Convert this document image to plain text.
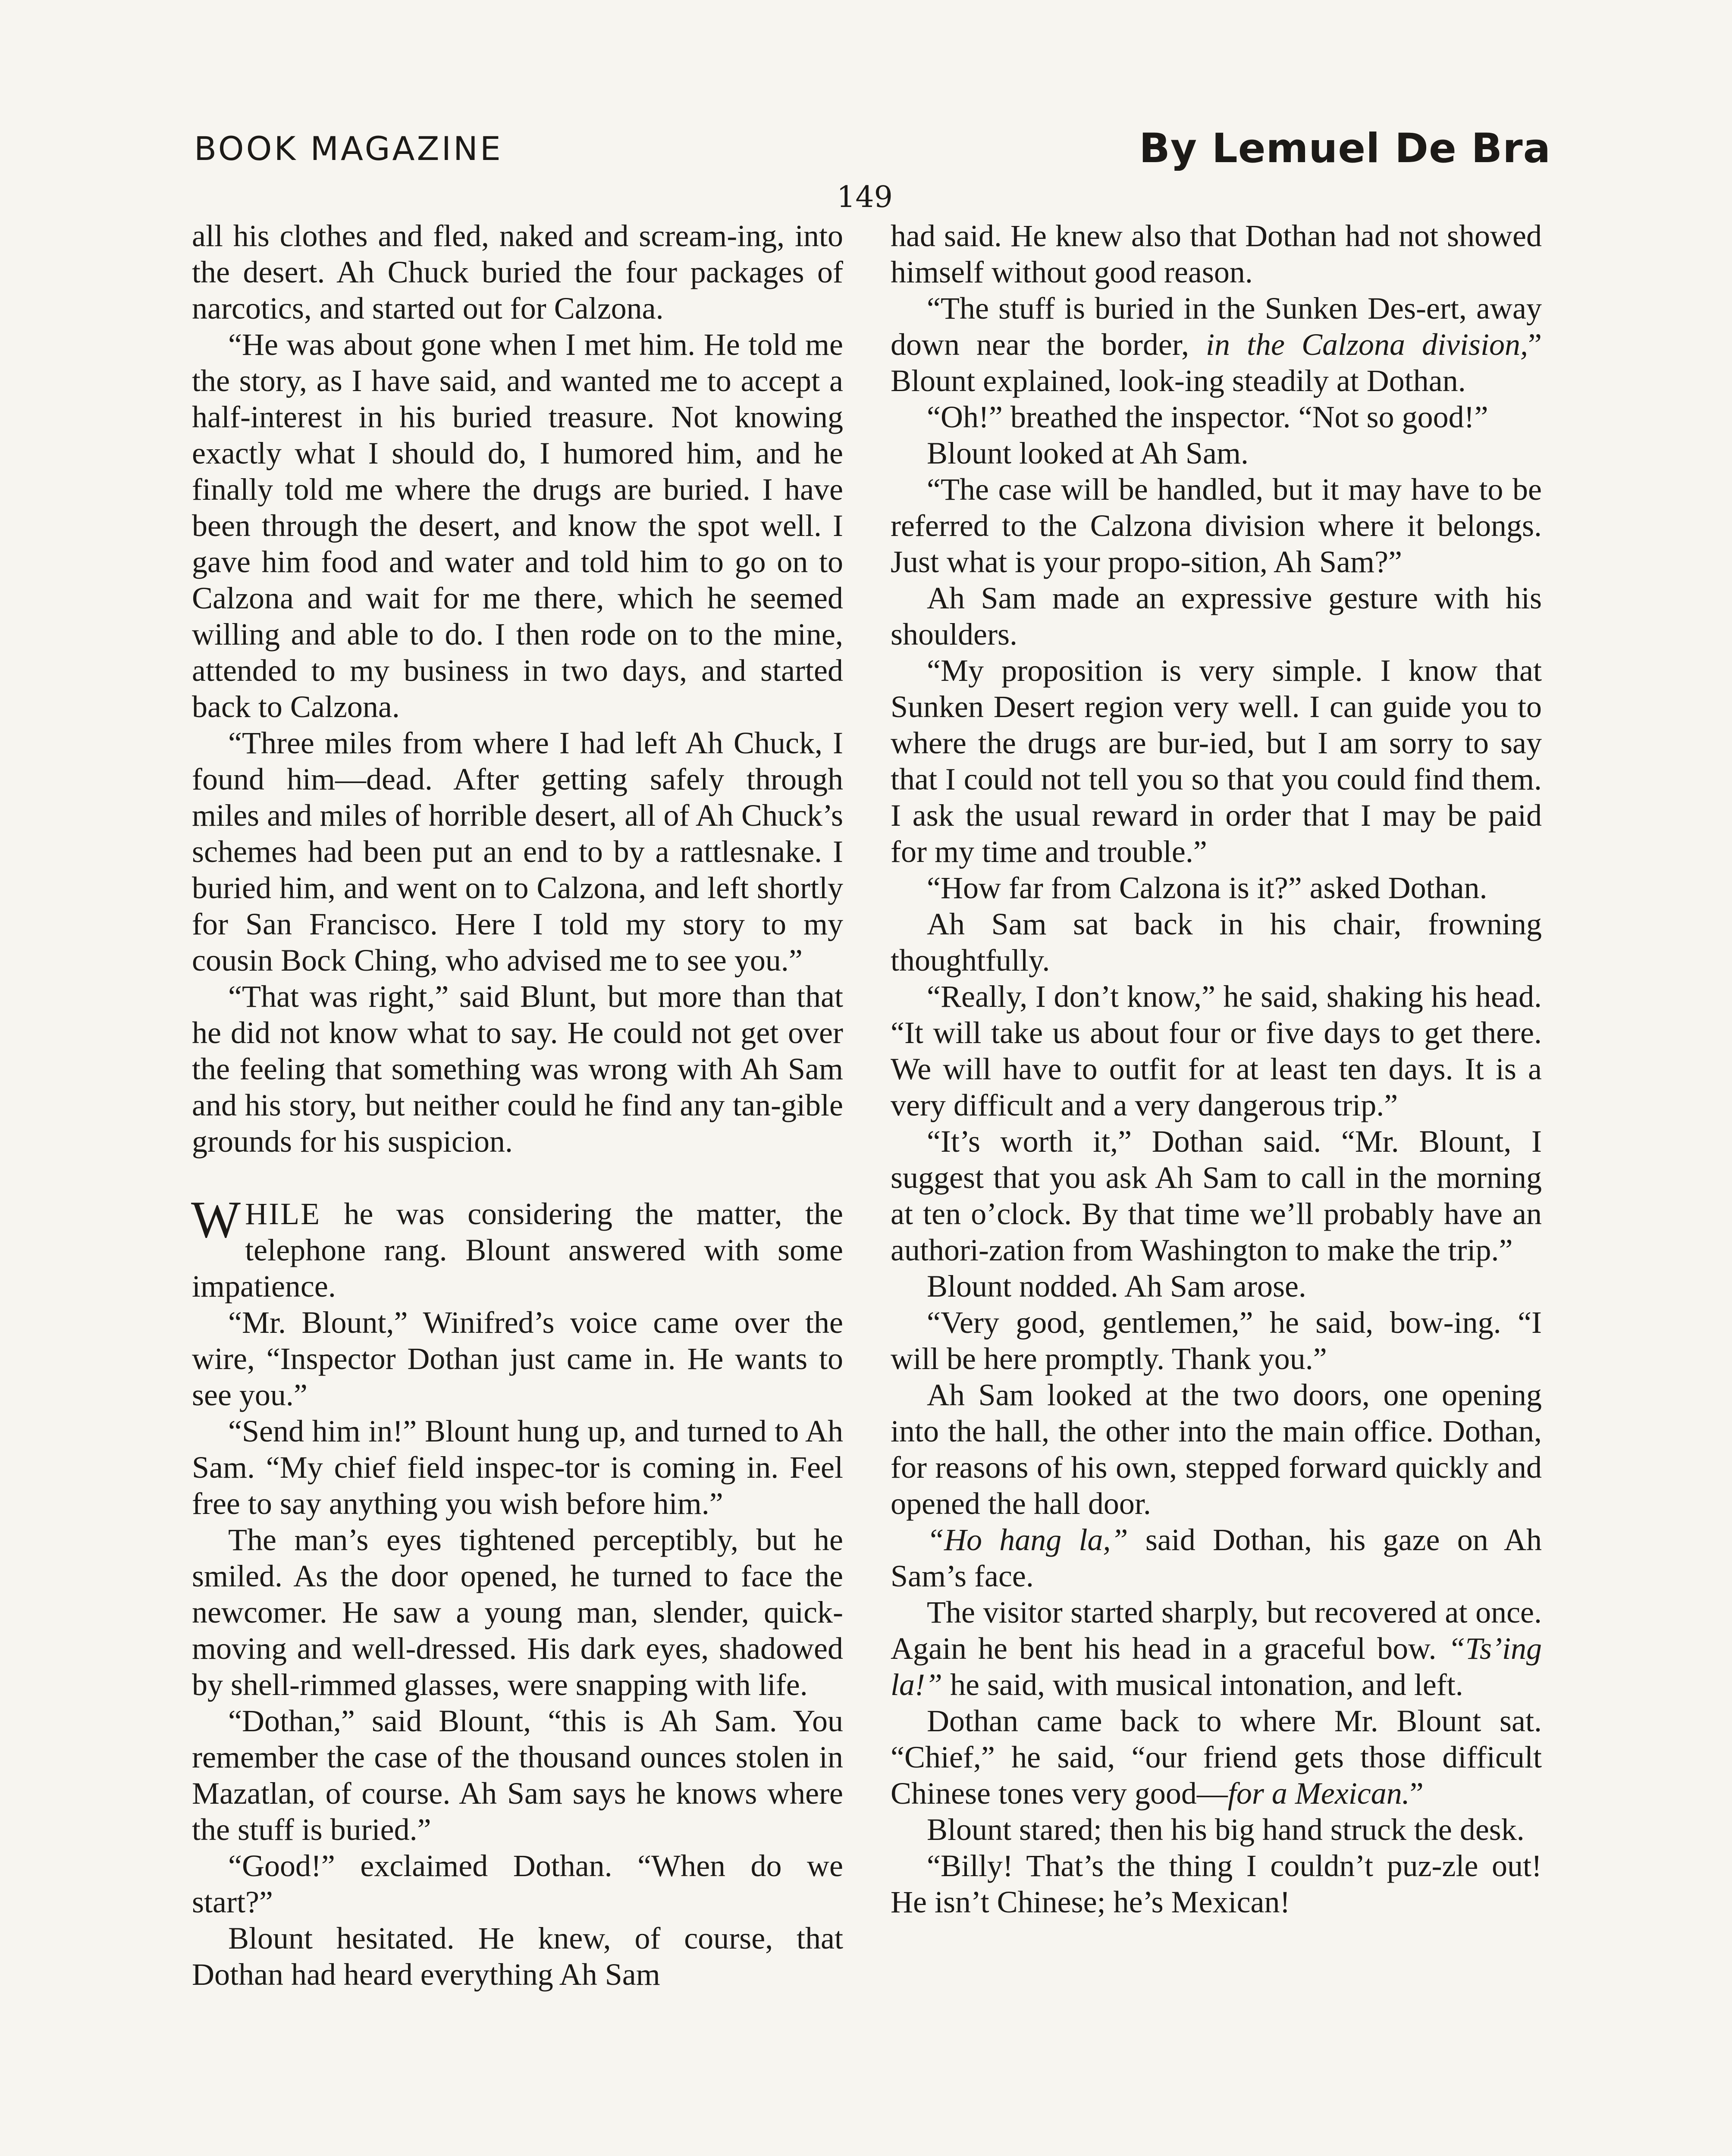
BOOK MAGAZINE	By Lemuel De Bra
149

all his clothes and fled, naked and scream-ing, into the desert. Ah Chuck buried the four packages of narcotics, and started out for Calzona.

“He was about gone when I met him. He told me the story, as I have said, and wanted me to accept a half-interest in his buried treasure. Not knowing exactly what I should do, I humored him, and he finally told me where the drugs are buried. I have been through the desert, and know the spot well. I gave him food and water and told him to go on to Calzona and wait for me there, which he seemed willing and able to do. I then rode on to the mine, attended to my business in two days, and started back to Calzona.

“Three miles from where I had left Ah Chuck, I found him—dead. After getting safely through miles and miles of horrible desert, all of Ah Chuck’s schemes had been put an end to by a rattlesnake. I buried him, and went on to Calzona, and left shortly for San Francisco. Here I told my story to my cousin Bock Ching, who advised me to see you.”

“That was right,” said Blunt, but more than that he did not know what to say. He could not get over the feeling that something was wrong with Ah Sam and his story, but neither could he find any tan-gible grounds for his suspicion.

WHILE he was considering the matter, the telephone rang. Blount answered with some impatience.

“Mr. Blount,” Winifred’s voice came over the wire, “Inspector Dothan just came in. He wants to see you.”

“Send him in!” Blount hung up, and turned to Ah Sam. “My chief field inspec-tor is coming in. Feel free to say anything you wish before him.”

The man’s eyes tightened perceptibly, but he smiled. As the door opened, he turned to face the newcomer. He saw a young man, slender, quick-moving and well-dressed. His dark eyes, shadowed by shell-rimmed glasses, were snapping with life.

“Dothan,” said Blount, “this is Ah Sam. You remember the case of the thousand ounces stolen in Mazatlan, of course. Ah Sam says he knows where the stuff is buried.”

“Good!” exclaimed Dothan. “When do we start?”

Blount hesitated. He knew, of course, that Dothan had heard everything Ah Sam

had said. He knew also that Dothan had not showed himself without good reason.

“The stuff is buried in the Sunken Des-ert, away down near the border, in the Calzona division,” Blount explained, look-ing steadily at Dothan.

“Oh!” breathed the inspector. “Not so good!”

Blount looked at Ah Sam.

“The case will be handled, but it may have to be referred to the Calzona division where it belongs. Just what is your propo-sition, Ah Sam?”

Ah Sam made an expressive gesture with his shoulders.

“My proposition is very simple. I know that Sunken Desert region very well. I can guide you to where the drugs are bur-ied, but I am sorry to say that I could not tell you so that you could find them. I ask the usual reward in order that I may be paid for my time and trouble.”

“How far from Calzona is it?” asked Dothan.

Ah Sam sat back in his chair, frowning thoughtfully.

“Really, I don’t know,” he said, shaking his head. “It will take us about four or five days to get there. We will have to outfit for at least ten days. It is a very difficult and a very dangerous trip.”

“It’s worth it,” Dothan said. “Mr. Blount, I suggest that you ask Ah Sam to call in the morning at ten o’clock. By that time we’ll probably have an authori-zation from Washington to make the trip.”

Blount nodded. Ah Sam arose.

“Very good, gentlemen,” he said, bow-ing. “I will be here promptly. Thank you.”

Ah Sam looked at the two doors, one opening into the hall, the other into the main office. Dothan, for reasons of his own, stepped forward quickly and opened the hall door.

“Ho hang la,” said Dothan, his gaze on Ah Sam’s face.

The visitor started sharply, but recovered at once. Again he bent his head in a graceful bow. “Ts’ing la!” he said, with musical intonation, and left.

Dothan came back to where Mr. Blount sat. “Chief,” he said, “our friend gets those difficult Chinese tones very good—for a Mexican.”

Blount stared; then his big hand struck the desk.

“Billy! That’s the thing I couldn’t puz-zle out! He isn’t Chinese; he’s Mexican!
